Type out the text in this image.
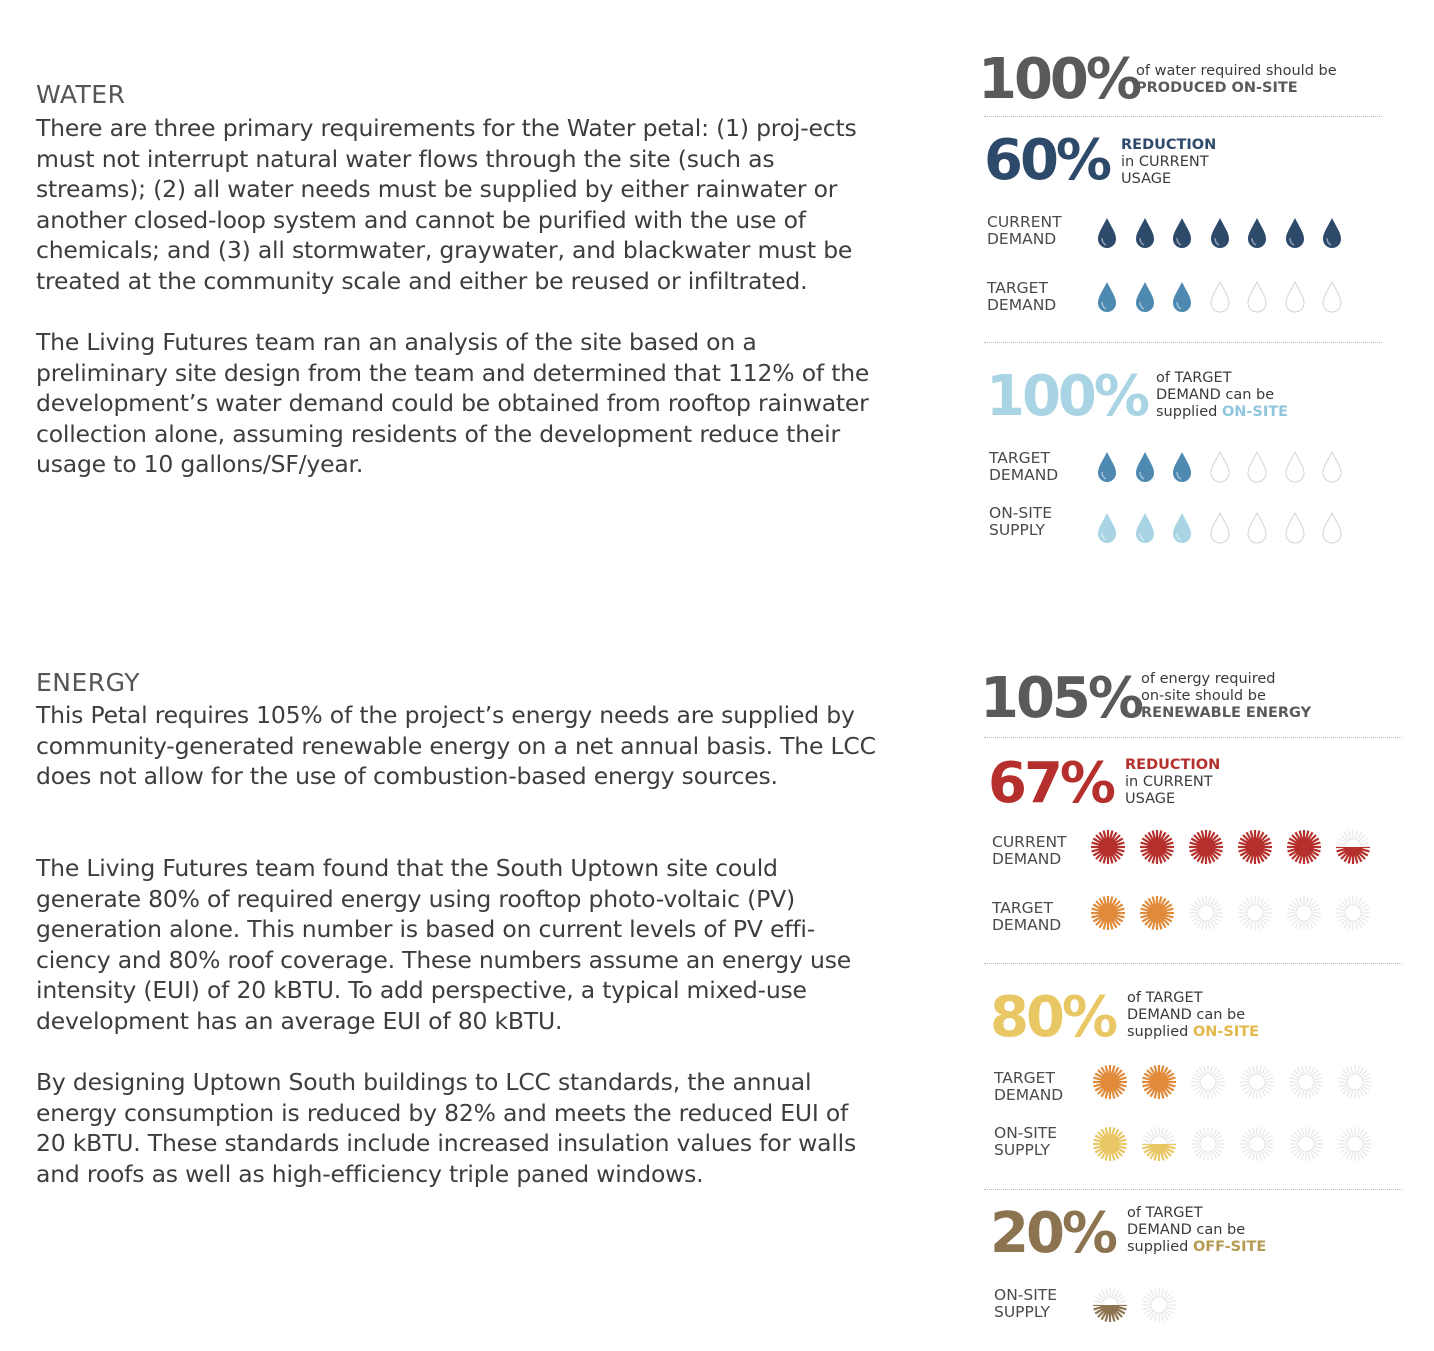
WATER

There are three primary requirements for the Water petal: (1) proj-ects must not interrupt natural water flows through the site (such as streams); (2) all water needs must be supplied by either rainwater or another closed-loop system and cannot be purified with the use of chemicals; and (3) all stormwater, graywater, and blackwater must be treated at the community scale and either be reused or infiltrated.

The Living Futures team ran an analysis of the site based on a preliminary site design from the team and determined that 112% of the development’s water demand could be obtained from rooftop rainwater collection alone, assuming residents of the development reduce their usage to 10 gallons/SF/year.

100%
of water required should be
PRODUCED ON-SITE
60% REDUCTION
in CURRENT
USAGE
CURRENT
DEMAND
TARGET
DEMAND
100% of TARGET
DEMAND can be
supplied ON-SITE
TARGET
DEMAND
ON-SITE
SUPPLY
ENERGY

This Petal requires 105% of the project’s energy needs are supplied by community-generated renewable energy on a net annual basis. The LCC does not allow for the use of combustion-based energy sources.

The Living Futures team found that the South Uptown site could generate 80% of required energy using rooftop photo-voltaic (PV) generation alone. This number is based on current levels of PV effi-ciency and 80% roof coverage. These numbers assume an energy use intensity (EUI) of 20 kBTU. To add perspective, a typical mixed-use development has an average EUI of 80 kBTU.

By designing Uptown South buildings to LCC standards, the annual energy consumption is reduced by 82% and meets the reduced EUI of 20 kBTU. These standards include increased insulation values for walls and roofs as well as high-efficiency triple paned windows.

105% of energy required
on-site should be
RENEWABLE ENERGY
67% REDUCTION
in CURRENT
USAGE
CURRENT
DEMAND
TARGET
DEMAND
80% of TARGET
DEMAND can be
supplied ON-SITE
TARGET
DEMAND
ON-SITE
SUPPLY
20% of TARGET
DEMAND can be
supplied OFF-SITE
ON-SITE
SUPPLY
